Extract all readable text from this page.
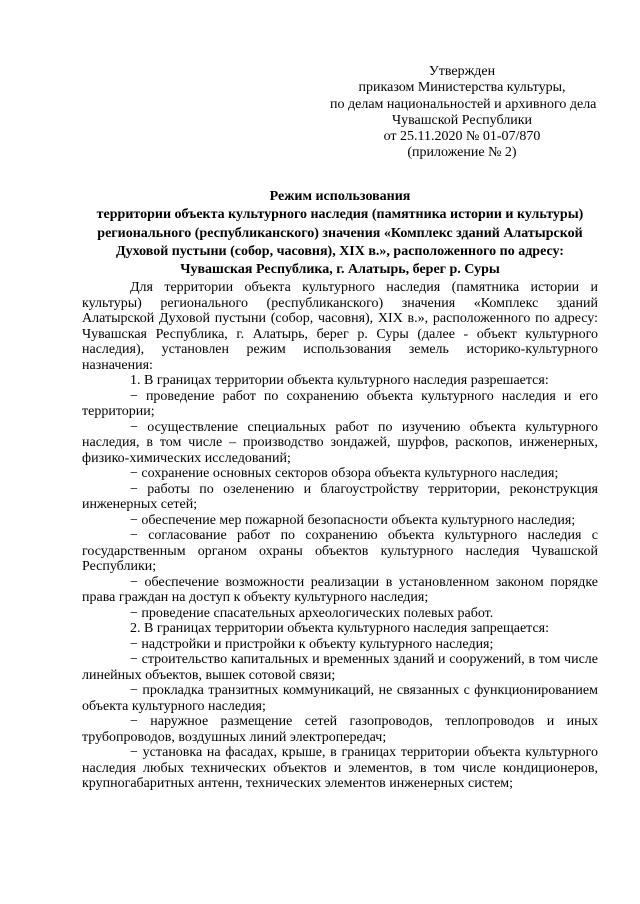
Утвержден
приказом Министерства культуры,
по делам национальностей и архивного дела
Чувашской Республики
от 25.11.2020 № 01-07/870
(приложение № 2)
Режим использования
территории объекта культурного наследия (памятника истории и культуры)
регионального (республиканского) значения «Комплекс зданий Алатырской
Духовой пустыни (собор, часовня), XIX в.», расположенного по адресу:
Чувашская Республика, г. Алатырь, берег р. Суры

Для территории объекта культурного наследия (памятника истории и культуры) регионального (республиканского) значения «Комплекс зданий Алатырской Духовой пустыни (собор, часовня), XIX в.», расположенного по адресу: Чувашская Республика, г. Алатырь, берег р. Суры (далее - объект культурного наследия), установлен режим использования земель историко-культурного назначения:

1. В границах территории объекта культурного наследия разрешается:

− проведение работ по сохранению объекта культурного наследия и его территории;

− осуществление специальных работ по изучению объекта культурного наследия, в том числе – производство зондажей, шурфов, раскопов, инженерных, физико-химических исследований;

− сохранение основных секторов обзора объекта культурного наследия;

− работы по озеленению и благоустройству территории, реконструкция инженерных сетей;

− обеспечение мер пожарной безопасности объекта культурного наследия;

− согласование работ по сохранению объекта культурного наследия с государственным органом охраны объектов культурного наследия Чувашской Республики;

− обеспечение возможности реализации в установленном законом порядке права граждан на доступ к объекту культурного наследия;

− проведение спасательных археологических полевых работ.

2. В границах территории объекта культурного наследия запрещается:

− надстройки и пристройки к объекту культурного наследия;

− строительство капитальных и временных зданий и сооружений, в том числе линейных объектов, вышек сотовой связи;

− прокладка транзитных коммуникаций, не связанных с функционированием объекта культурного наследия;

− наружное размещение сетей газопроводов, теплопроводов и иных трубопроводов, воздушных линий электропередач;

− установка на фасадах, крыше, в границах территории объекта культурного наследия любых технических объектов и элементов, в том числе кондиционеров, крупногабаритных антенн, технических элементов инженерных систем;
